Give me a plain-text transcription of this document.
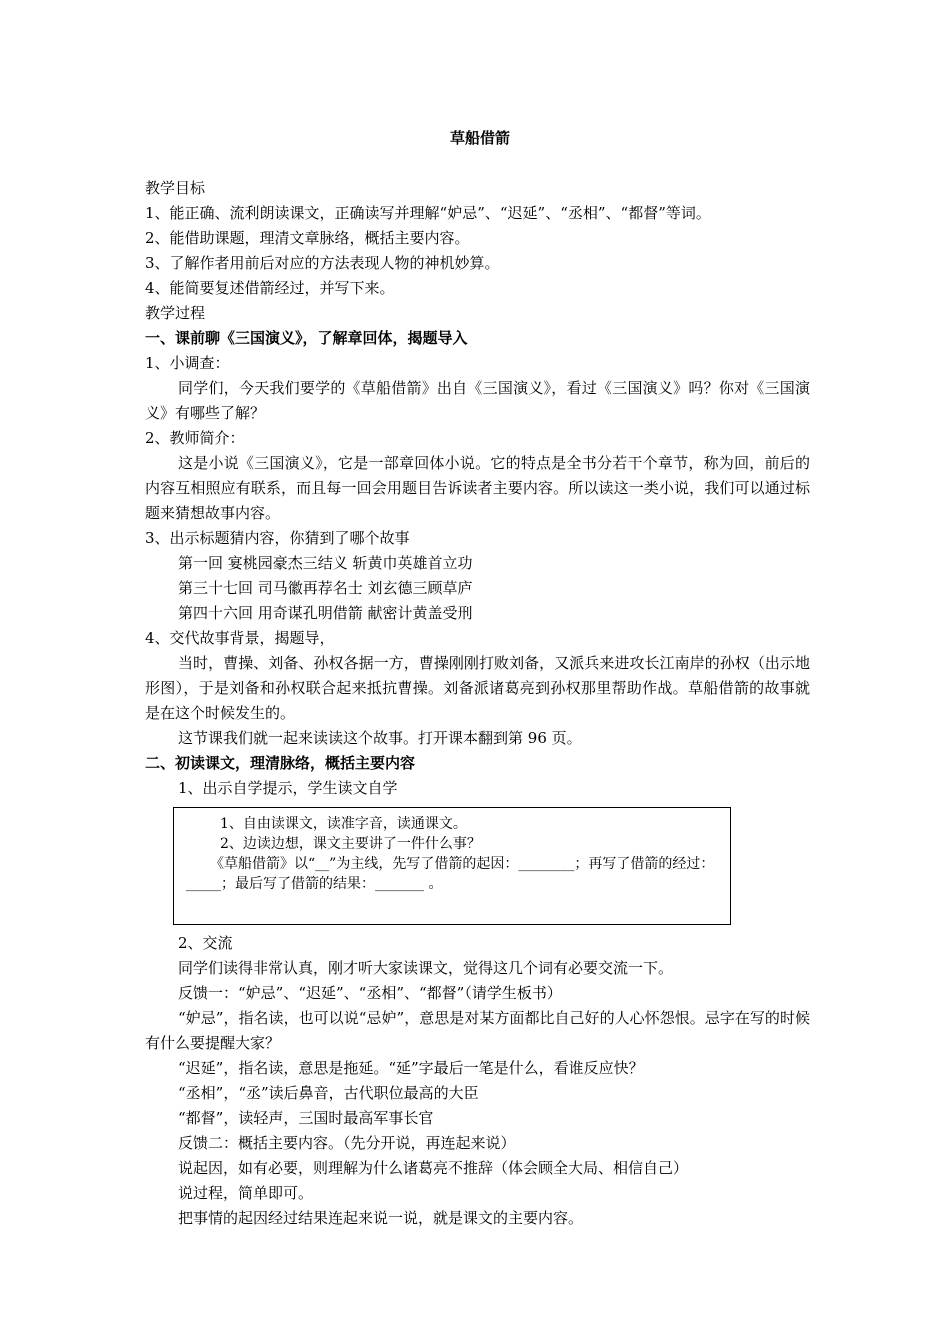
草船借箭

教学目标

1、能正确、流利朗读课文，正确读写并理解“妒忌”、“迟延”、“丞相”、“都督”等词。

2、能借助课题，理清文章脉络，概括主要内容。

3、了解作者用前后对应的方法表现人物的神机妙算。

4、能简要复述借箭经过，并写下来。

教学过程

一、课前聊《三国演义》，了解章回体，揭题导入

1、小调查：

同学们，今天我们要学的《草船借箭》出自《三国演义》，看过《三国演义》吗？你对《三国演义》有哪些了解？

2、教师简介：

这是小说《三国演义》，它是一部章回体小说。它的特点是全书分若干个章节，称为回，前后的内容互相照应有联系，而且每一回会用题目告诉读者主要内容。所以读这一类小说，我们可以通过标题来猜想故事内容。

3、出示标题猜内容，你猜到了哪个故事

第一回 宴桃园豪杰三结义 斩黄巾英雄首立功

第三十七回 司马徽再荐名士 刘玄德三顾草庐

第四十六回 用奇谋孔明借箭 献密计黄盖受刑

4、交代故事背景，揭题导，

当时，曹操、刘备、孙权各据一方，曹操刚刚打败刘备，又派兵来进攻长江南岸的孙权（出示地形图），于是刘备和孙权联合起来抵抗曹操。刘备派诸葛亮到孙权那里帮助作战。草船借箭的故事就是在这个时候发生的。

这节课我们就一起来读读这个故事。打开课本翻到第 96 页。

二、初读课文，理清脉络，概括主要内容

1、出示自学提示，学生读文自学

1、自由读课文，读准字音，读通课文。

2、边读边想，课文主要讲了一件什么事？

《草船借箭》以“__”为主线，先写了借箭的起因：________；再写了借箭的经过：_____；最后写了借箭的结果：_______ 。

2、交流

同学们读得非常认真，刚才听大家读课文，觉得这几个词有必要交流一下。

反馈一：“妒忌”、“迟延”、“丞相”、“都督”（请学生板书）

“妒忌”，指名读，也可以说“忌妒”，意思是对某方面都比自己好的人心怀怨恨。忌字在写的时候有什么要提醒大家？

“迟延”，指名读，意思是拖延。“延”字最后一笔是什么，看谁反应快？

“丞相”，“丞”读后鼻音，古代职位最高的大臣

“都督”，读轻声，三国时最高军事长官

反馈二：概括主要内容。（先分开说，再连起来说）

说起因，如有必要，则理解为什么诸葛亮不推辞（体会顾全大局、相信自己）

说过程，简单即可。

把事情的起因经过结果连起来说一说，就是课文的主要内容。
